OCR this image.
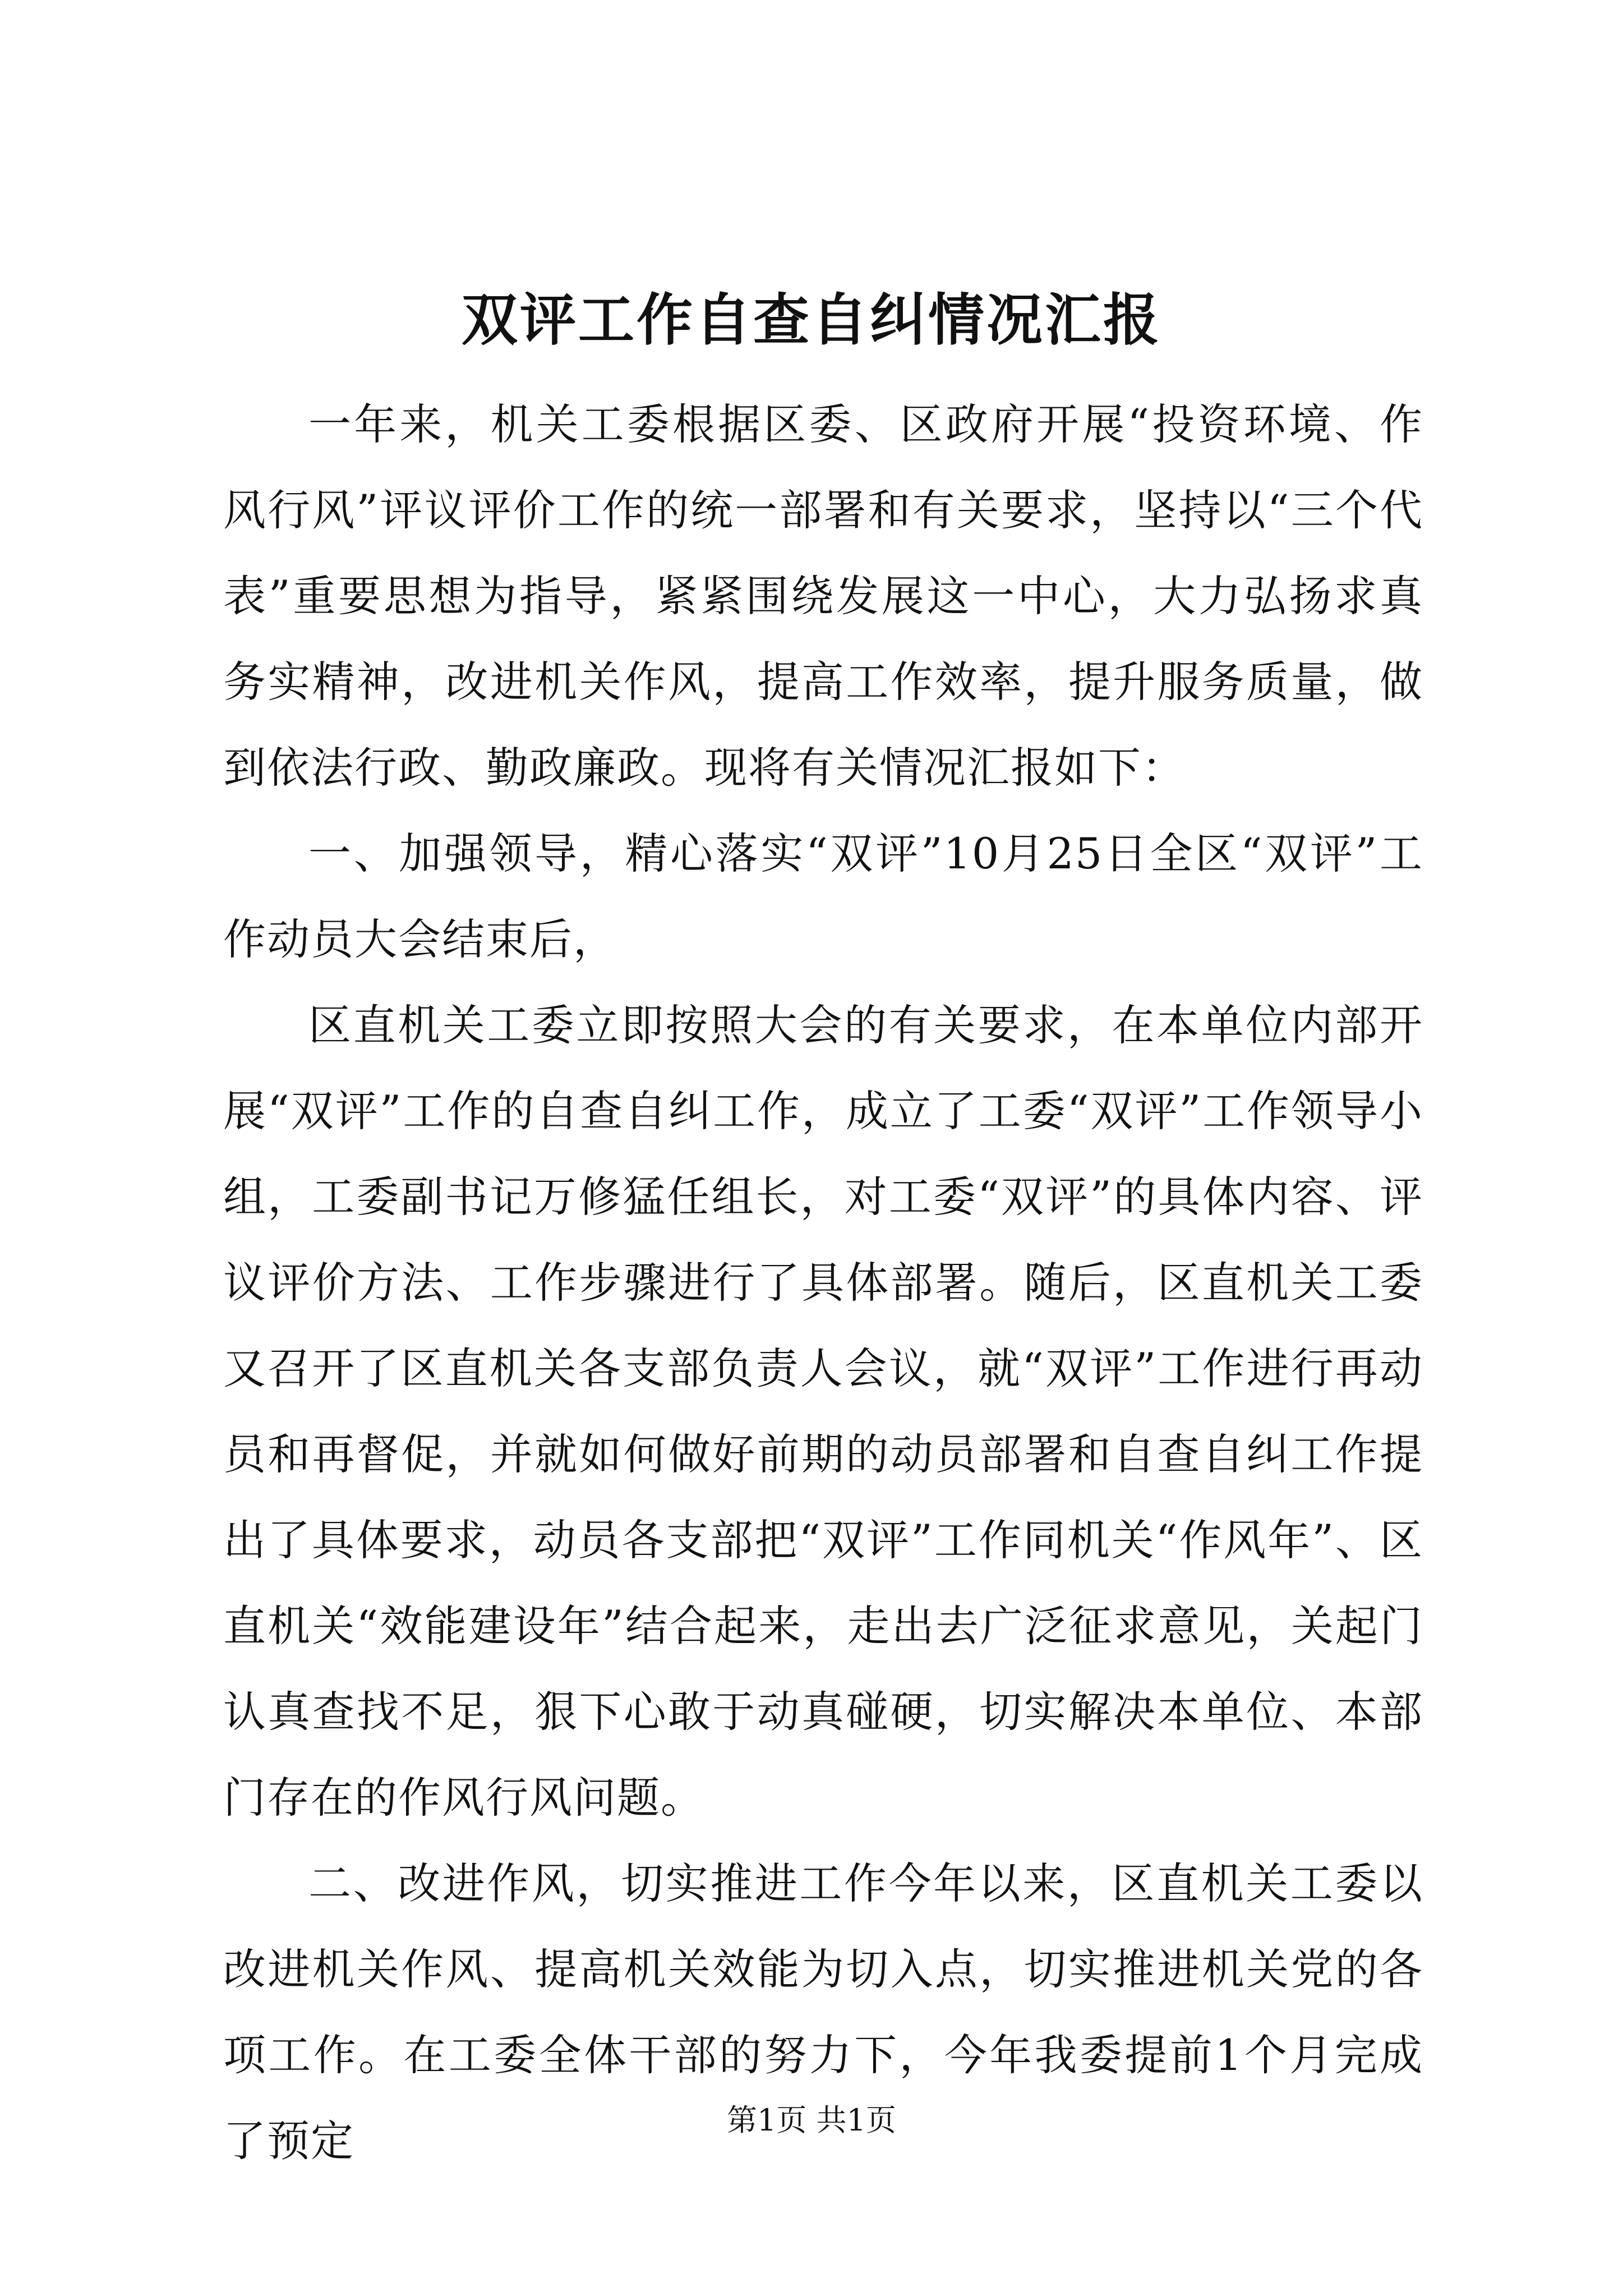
双评工作自查自纠情况汇报

一年来，机关工委根据区委、区政府开展“投资环境、作风行风”评议评价工作的统一部署和有关要求，坚持以“三个代表”重要思想为指导，紧紧围绕发展这一中心，大力弘扬求真务实精神，改进机关作风，提高工作效率，提升服务质量，做到依法行政、勤政廉政。现将有关情况汇报如下：

一、加强领导，精心落实“双评”10月25日全区“双评”工作动员大会结束后，

区直机关工委立即按照大会的有关要求，在本单位内部开展“双评”工作的自查自纠工作，成立了工委“双评”工作领导小组，工委副书记万修猛任组长，对工委“双评”的具体内容、评议评价方法、工作步骤进行了具体部署。随后，区直机关工委又召开了区直机关各支部负责人会议，就“双评”工作进行再动员和再督促，并就如何做好前期的动员部署和自查自纠工作提出了具体要求，动员各支部把“双评”工作同机关“作风年”、区直机关“效能建设年”结合起来，走出去广泛征求意见，关起门认真查找不足，狠下心敢于动真碰硬，切实解决本单位、本部门存在的作风行风问题。

二、改进作风，切实推进工作今年以来，区直机关工委以改进机关作风、提高机关效能为切入点，切实推进机关党的各项工作。在工委全体干部的努力下，今年我委提前1个月完成了预定	第1页 共1页
